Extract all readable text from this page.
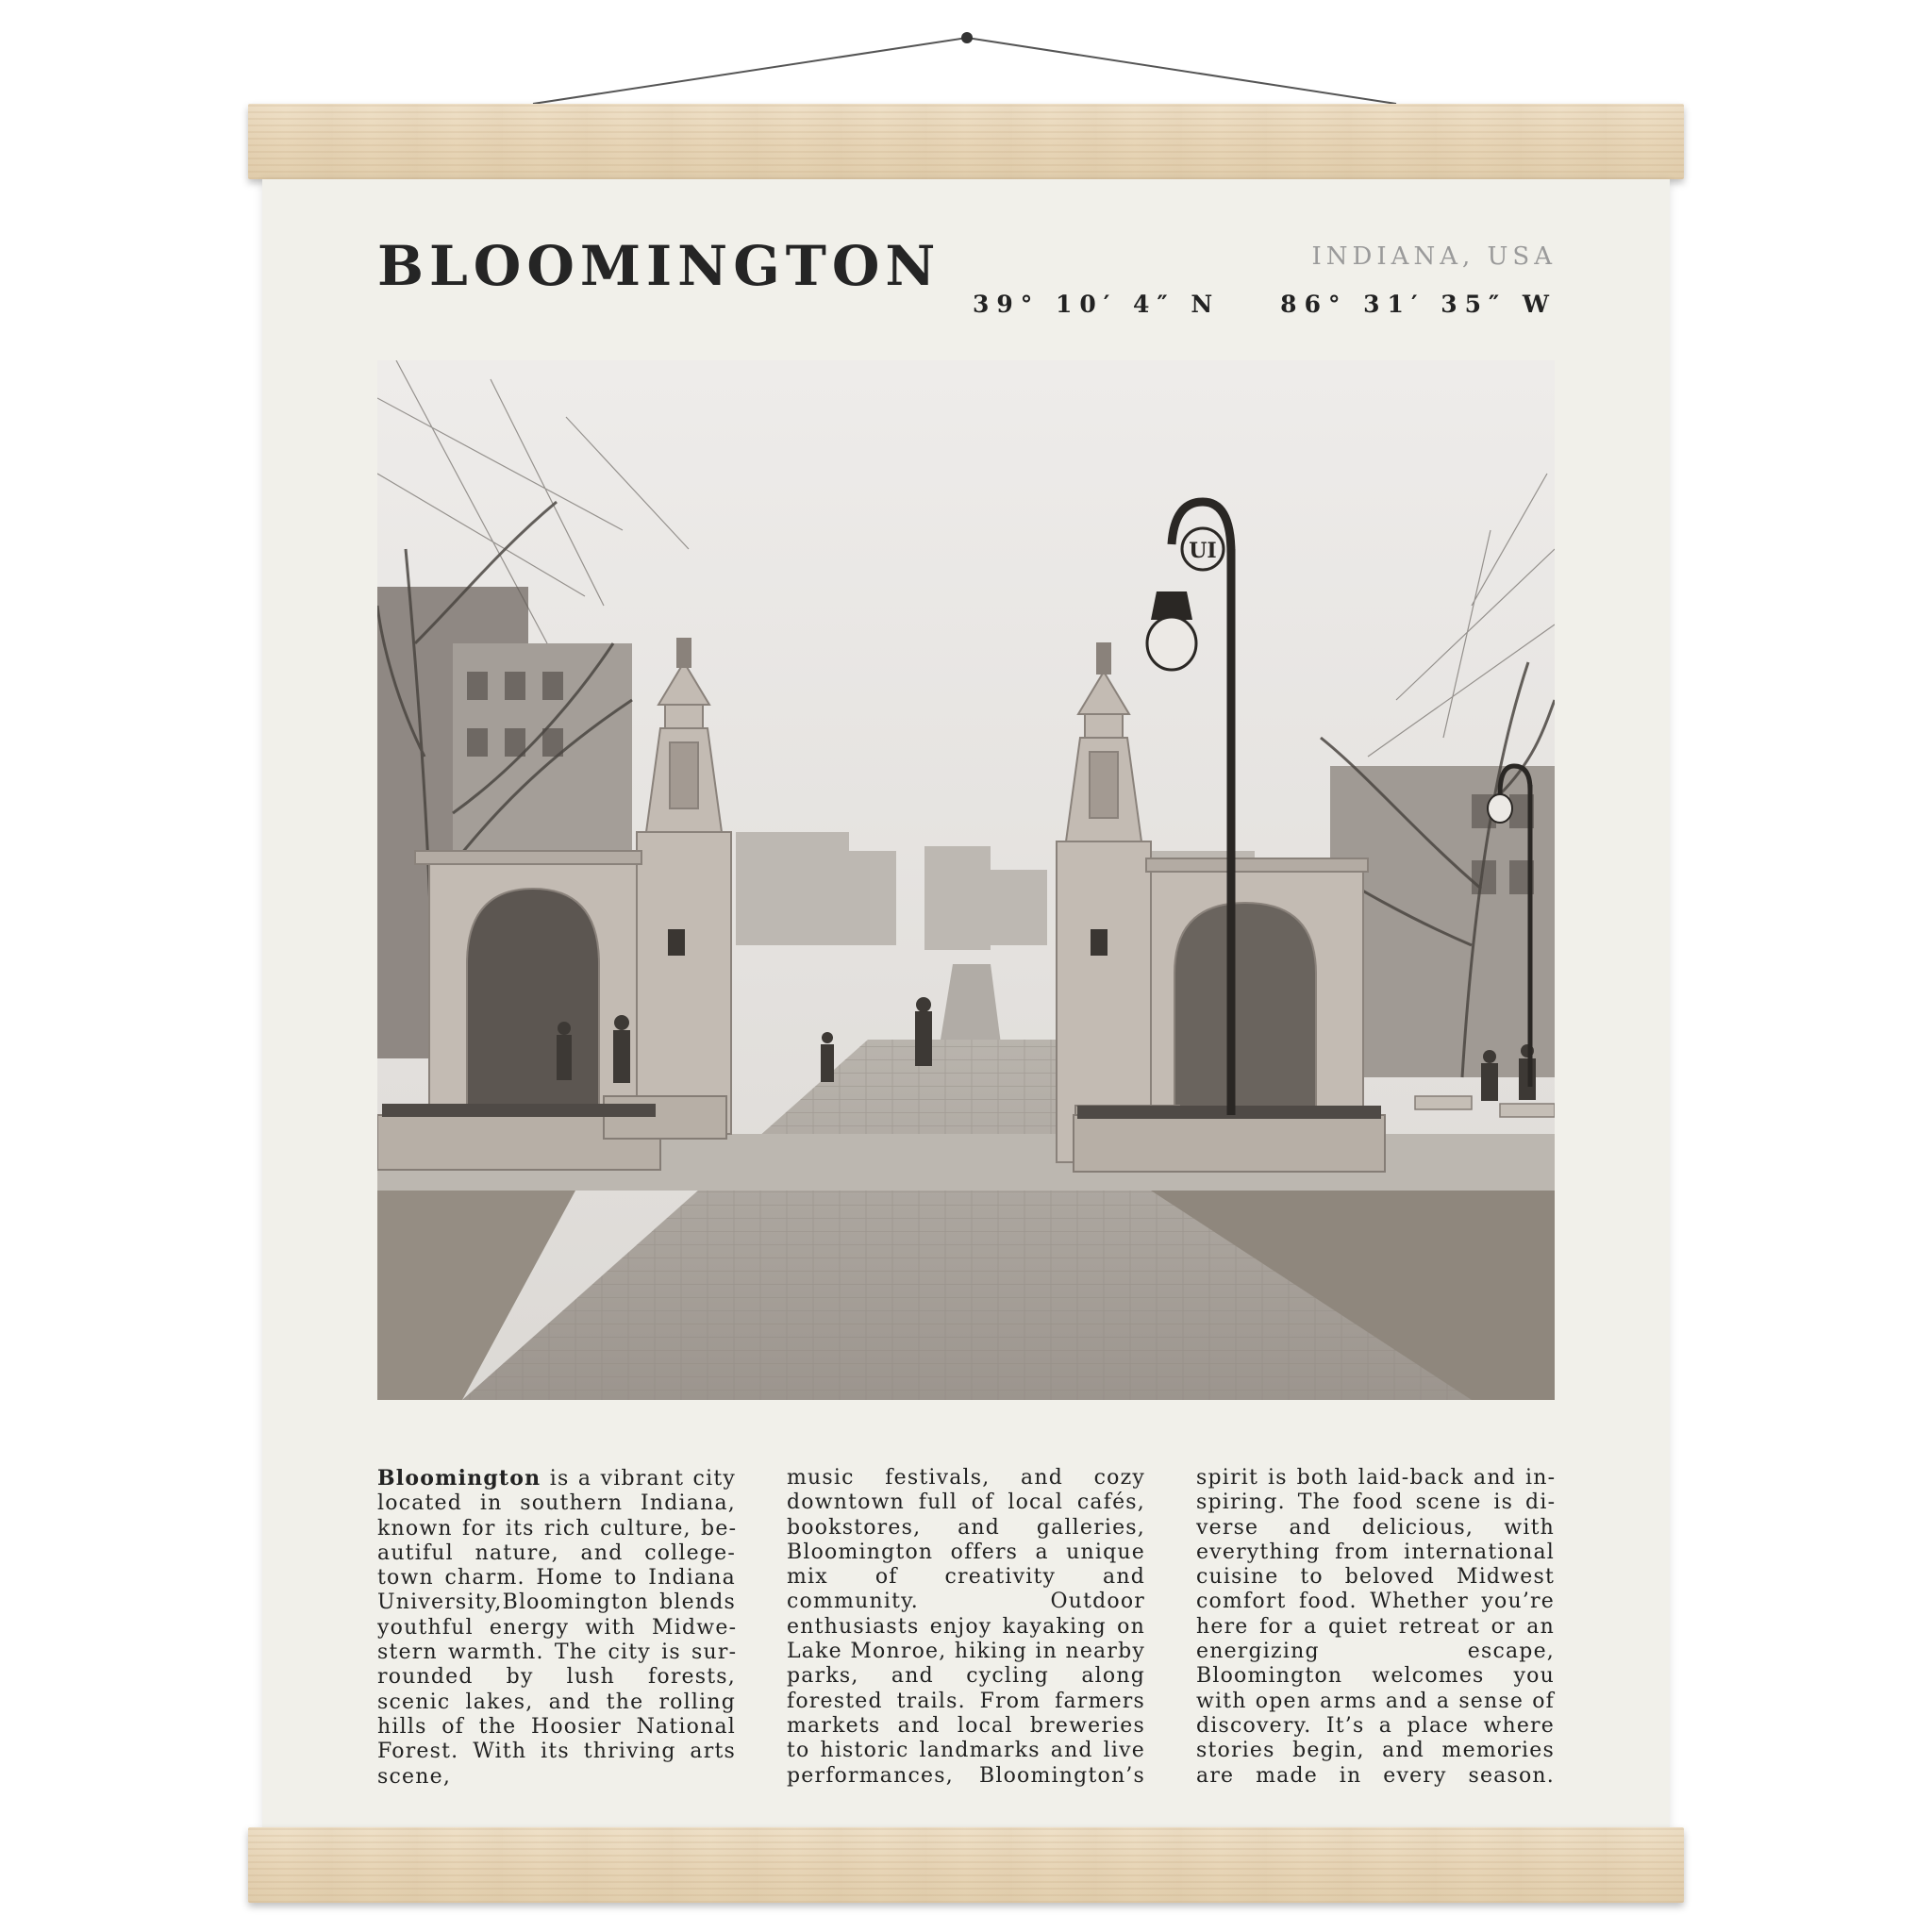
BLOOMINGTON	INDIANA, USA
39° 10′ 4″ N	86° 31′ 35″ W
UI

Bloomington is a vibrant city located in southern Indiana, known for its rich culture, beautiful nature, and college-town charm. Home to Indiana University,Bloomington blends youthful energy with Midwestern warmth. The city is surrounded by lush forests, scenic lakes, and the rolling hills of the Hoosier National Forest. With its thriving arts scene,

music festivals, and cozy downtown full of local cafés, bookstores, and galleries, Bloomington offers a unique mix of creativity and community. Outdoor enthusiasts enjoy kayaking on Lake Monroe, hiking in nearby parks, and cycling along forested trails. From farmers markets and local breweries to historic landmarks and live performances, Bloomington’s

spirit is both laid-back and inspiring. The food scene is diverse and delicious, with everything from international cuisine to beloved Midwest comfort food. Whether you’re here for a quiet retreat or an energizing escape, Bloomington welcomes you with open arms and a sense of discovery. It’s a place where stories begin, and memories are made in every season.
